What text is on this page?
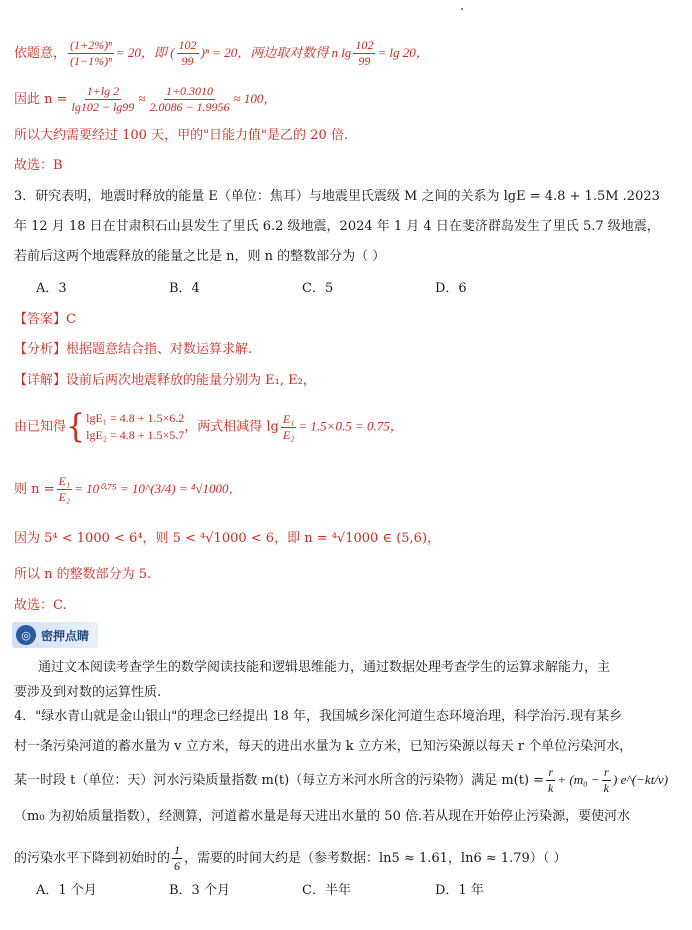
依题意， $\frac{\text{(1+2\%)ⁿ}}{\text{(1−1\%)ⁿ}} = 20$，即 ( $\frac{102}{99} )^n = 20$，两边取对数得 n $\lg \frac{102}{99} = \lg 20$，
因此 $n = \frac{1+\lg 2}{\lg 102 - \lg 99} \approx \frac{1+0.3010}{2.0086 - 1.9956} \approx 100$，
所以大约需要经过 100 天，甲的"日能力值"是乙的 20 倍.
故选：B
3．研究表明，地震时释放的能量 E（单位：焦耳）与地震里氏震级 M 之间的关系为 lgE = 4.8 + 1.5M .2023
年 12 月 18 日在甘肃积石山县发生了里氏 6.2 级地震，2024 年 1 月 4 日在斐济群岛发生了里氏 5.7 级地震，
若前后这两个地震释放的能量之比是 n，则 n 的整数部分为（ ）
A．3	B．4	C．5	D．6
【答案】C
【分析】根据题意结合指、对数运算求解.
【详解】设前后两次地震释放的能量分别为 E₁, E₂，
由已知得{ lgE₁ = 4.8 + 1.5×6.2
lgE₂ = 4.8 + 1.5×5.7
，两式相减得 $\lg \frac{\text{E₁}}{\text{E₂}} = 1.5\times 0.5 = 0.75$，
则 $n = \frac{\text{E₁}}{\text{E₂}} = 10^0\cdot^{75}$ = 10^(3/4) = ⁴√1000，
因为 5⁴ < 1000 < 6⁴，则 5 < ⁴√1000 < 6，即 n = ⁴√1000 ∈ (5,6)，
所以 n 的整数部分为 5.
故选：C.
◎ 密押点睛
通过文本阅读考查学生的数学阅读技能和逻辑思维能力，通过数据处理考查学生的运算求解能力，主
要涉及到对数的运算性质.
4．"绿水青山就是金山银山"的理念已经提出 18 年，我国城乡深化河道生态环境治理，科学治污.现有某乡
村一条污染河道的蓄水量为 v 立方米，每天的进出水量为 k 立方米，已知污染源以每天 r 个单位污染河水，
某一时段 t（单位：天）河水污染质量指数 m(t)（每立方米河水所含的污染物）满足 $m(t) = \frac{r}{k} + (m_0 - \frac{r}{k}$ ) e^(−kt/v)
（m₀ 为初始质量指数），经测算，河道蓄水量是每天进出水量的 50 倍.若从现在开始停止污染源，要使河水
的污染水平下降到初始时的 $\frac{1}{6}$ ，需要的时间大约是（参考数据：ln5 ≈ 1.61，ln6 ≈ 1.79）（ ）
A．1 个月	B．3 个月	C．半年	D．1 年
